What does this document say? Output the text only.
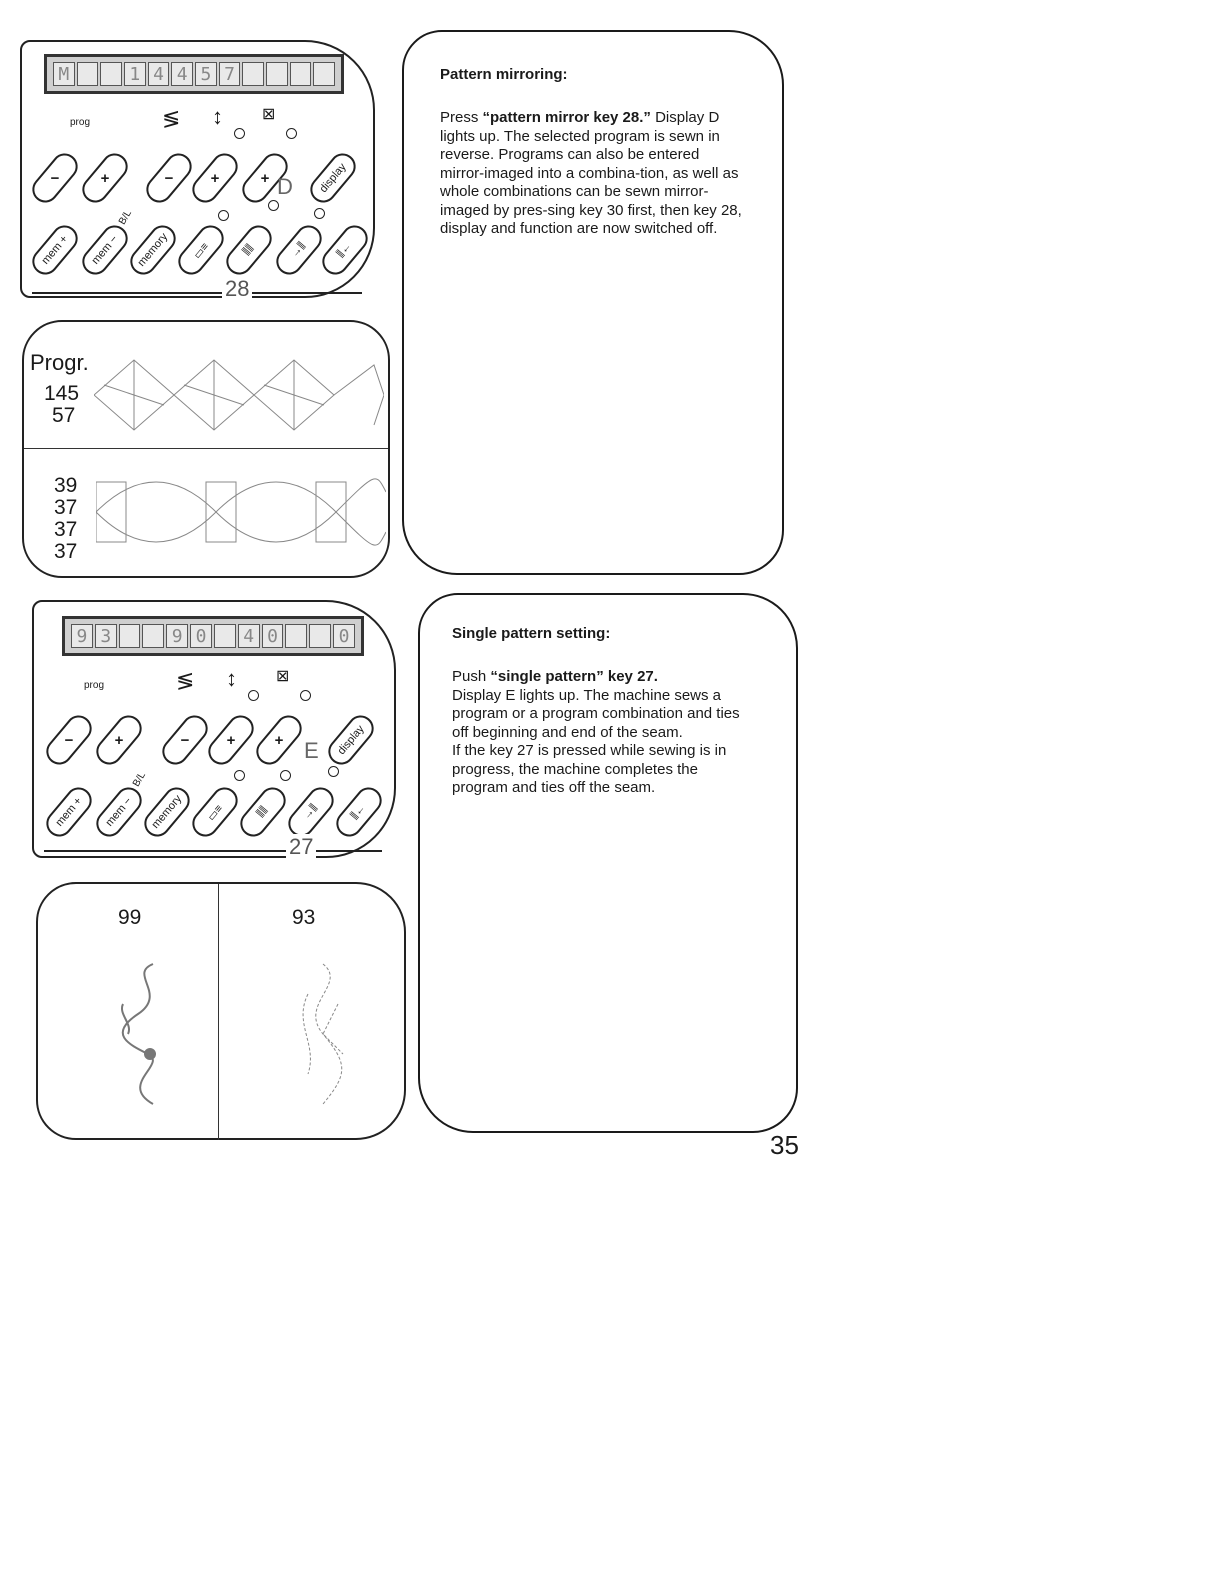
M	1 4 4 5 7
prog	≶ ↕ ⊠
−	+	− +	+	display
D
B/L
mem + mem − memory ▭≡	⫼⫼	→⫼ ⫼←
28
Progr.
145
57
39
37
37
37
9 3	9 0	4 0	0
prog	≶ ↕ ⊠
−	+	− +	+	display
E
B/L
mem + mem − memory ▭≡	⫼⫼	→⫼	⫼←
27
99	93
Pattern mirroring:

Press “pattern mirror key 28.” Display D lights up. The selected program is sewn in reverse. Programs can also be entered mirror-imaged into a combina-tion, as well as whole combinations can be sewn mirror-imaged by pres-sing key 30 first, then key 28, display and function are now switched off.

Single pattern setting:

Push “single pattern” key 27.

Display E lights up. The machine sews a program or a program combination and ties off beginning and end of the seam.

If the key 27 is pressed while sewing is in progress, the machine completes the program and ties off the seam.

35
